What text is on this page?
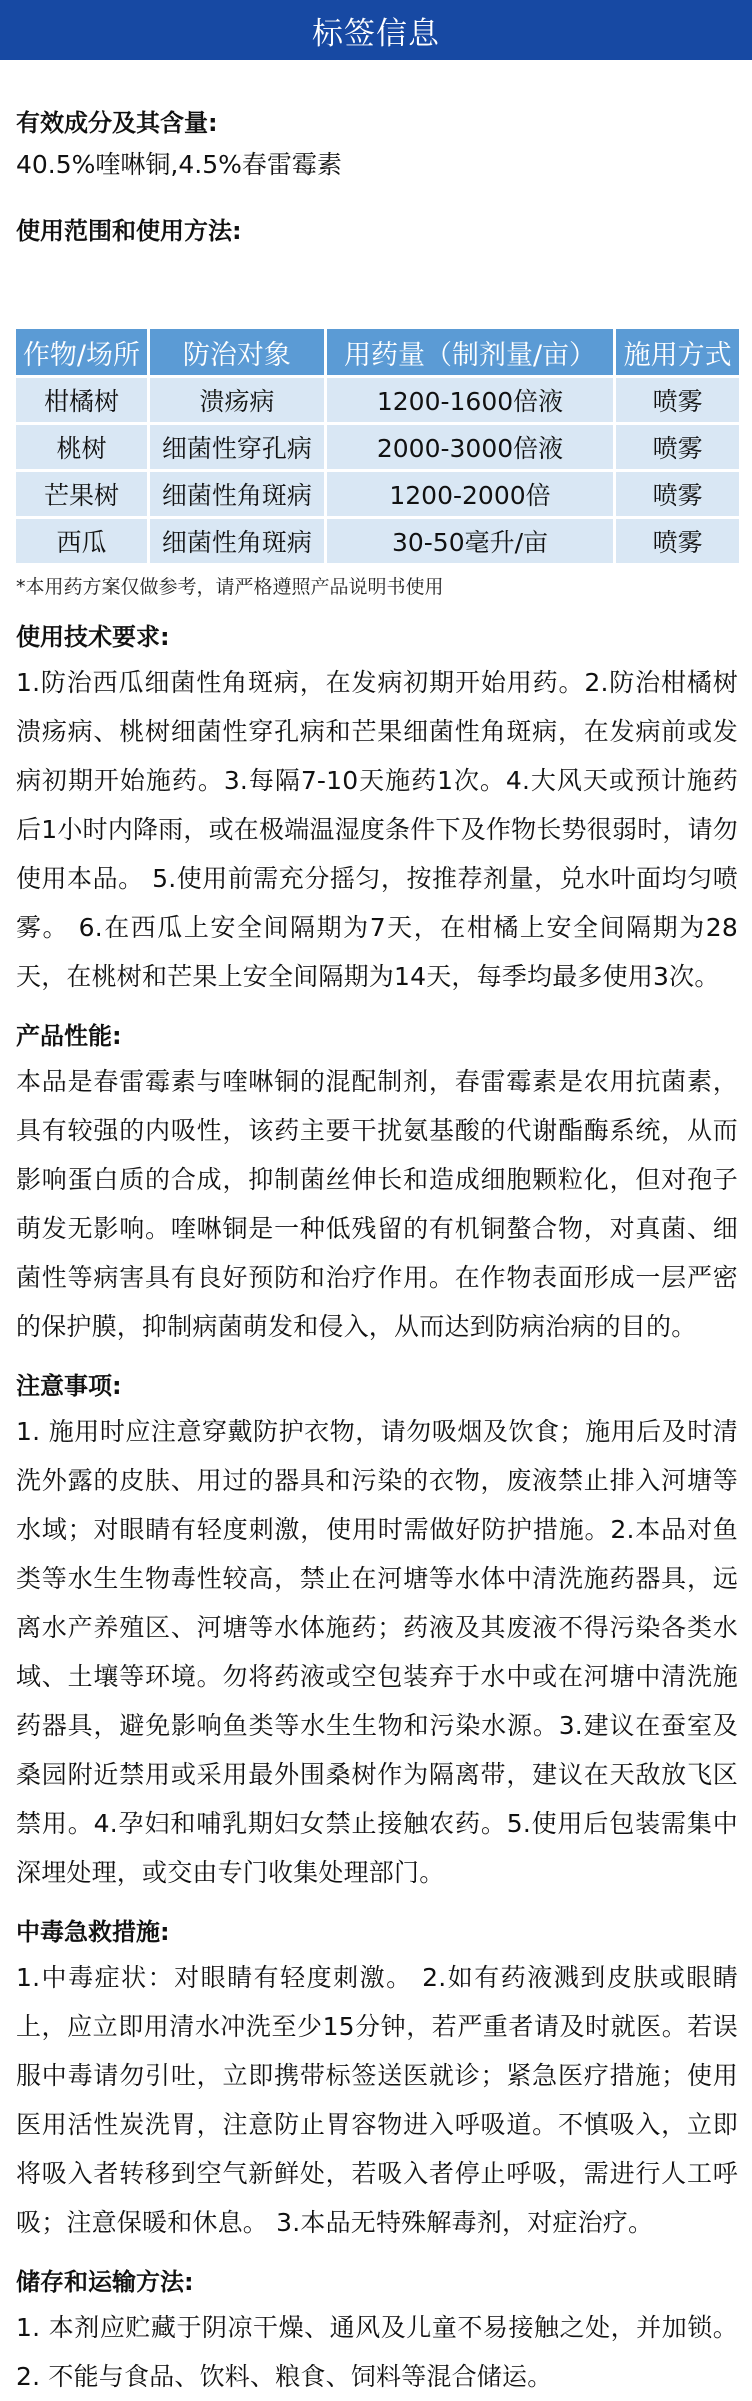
标签信息
有效成分及其含量:

40.5%喹啉铜,4.5%春雷霉素

使用范围和使用方法:
作物/场所	防治对象	用药量（制剂量/亩）	施用方式
柑橘树	溃疡病	1200-1600倍液	喷雾
桃树	细菌性穿孔病	2000-3000倍液	喷雾
芒果树	细菌性角斑病	1200-2000倍	喷雾
西瓜	细菌性角斑病	30-50毫升/亩	喷雾

*本用药方案仅做参考，请严格遵照产品说明书使用

使用技术要求:

1.防治西瓜细菌性角斑病，在发病初期开始用药。2.防治柑橘树溃疡病、桃树细菌性穿孔病和芒果细菌性角斑病，在发病前或发病初期开始施药。3.每隔7-10天施药1次。4.大风天或预计施药后1小时内降雨，或在极端温湿度条件下及作物长势很弱时，请勿使用本品。 5.使用前需充分摇匀，按推荐剂量，兑水叶面均匀喷雾。 6.在西瓜上安全间隔期为7天，在柑橘上安全间隔期为28天，在桃树和芒果上安全间隔期为14天，每季均最多使用3次。

产品性能:

本品是春雷霉素与喹啉铜的混配制剂，春雷霉素是农用抗菌素，具有较强的内吸性，该药主要干扰氨基酸的代谢酯酶系统，从而影响蛋白质的合成，抑制菌丝伸长和造成细胞颗粒化，但对孢子萌发无影响。喹啉铜是一种低残留的有机铜螯合物，对真菌、细菌性等病害具有良好预防和治疗作用。在作物表面形成一层严密的保护膜，抑制病菌萌发和侵入，从而达到防病治病的目的。

注意事项:

1. 施用时应注意穿戴防护衣物，请勿吸烟及饮食；施用后及时清洗外露的皮肤、用过的器具和污染的衣物，废液禁止排入河塘等水域；对眼睛有轻度刺激，使用时需做好防护措施。2.本品对鱼类等水生生物毒性较高，禁止在河塘等水体中清洗施药器具，远离水产养殖区、河塘等水体施药；药液及其废液不得污染各类水域、土壤等环境。勿将药液或空包装弃于水中或在河塘中清洗施药器具，避免影响鱼类等水生生物和污染水源。3.建议在蚕室及桑园附近禁用或采用最外围桑树作为隔离带，建议在天敌放飞区禁用。4.孕妇和哺乳期妇女禁止接触农药。5.使用后包装需集中深埋处理，或交由专门收集处理部门。

中毒急救措施:

1.中毒症状：对眼睛有轻度刺激。 2.如有药液溅到皮肤或眼睛上，应立即用清水冲洗至少15分钟，若严重者请及时就医。若误服中毒请勿引吐，立即携带标签送医就诊；紧急医疗措施；使用医用活性炭洗胃，注意防止胃容物进入呼吸道。不慎吸入，立即将吸入者转移到空气新鲜处，若吸入者停止呼吸，需进行人工呼吸；注意保暖和休息。 3.本品无特殊解毒剂，对症治疗。

储存和运输方法:

1. 本剂应贮藏于阴凉干燥、通风及儿童不易接触之处，并加锁。 2. 不能与食品、饮料、粮食、饲料等混合储运。
